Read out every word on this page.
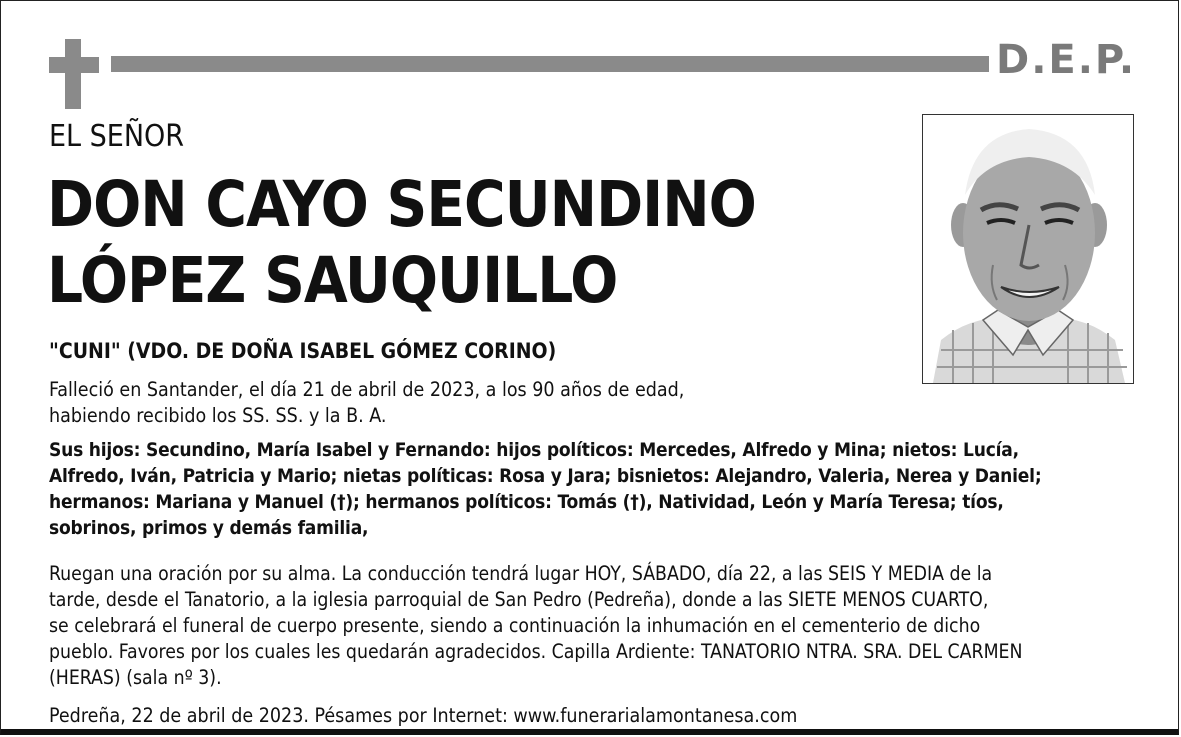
D.E.P.
EL SEÑOR
DON CAYO SECUNDINO
LÓPEZ SAUQUILLO
"CUNI" (VDO. DE DOÑA ISABEL GÓMEZ CORINO)
Falleció en Santander, el día 21 de abril de 2023, a los 90 años de edad,
habiendo recibido los SS. SS. y la B. A.
Sus hijos: Secundino, María Isabel y Fernando: hijos políticos: Mercedes, Alfredo y Mina; nietos: Lucía,
Alfredo, Iván, Patricia y Mario; nietas políticas: Rosa y Jara; bisnietos: Alejandro, Valeria, Nerea y Daniel;
hermanos: Mariana y Manuel (†); hermanos políticos: Tomás (†), Natividad, León y María Teresa; tíos,
sobrinos, primos y demás familia,
Ruegan una oración por su alma. La conducción tendrá lugar HOY, SÁBADO, día 22, a las SEIS Y MEDIA de la
tarde, desde el Tanatorio, a la iglesia parroquial de San Pedro (Pedreña), donde a las SIETE MENOS CUARTO,
se celebrará el funeral de cuerpo presente, siendo a continuación la inhumación en el cementerio de dicho
pueblo. Favores por los cuales les quedarán agradecidos. Capilla Ardiente: TANATORIO NTRA. SRA. DEL CARMEN
(HERAS) (sala nº 3).
Pedreña, 22 de abril de 2023. Pésames por Internet: www.funerarialamontanesa.com
